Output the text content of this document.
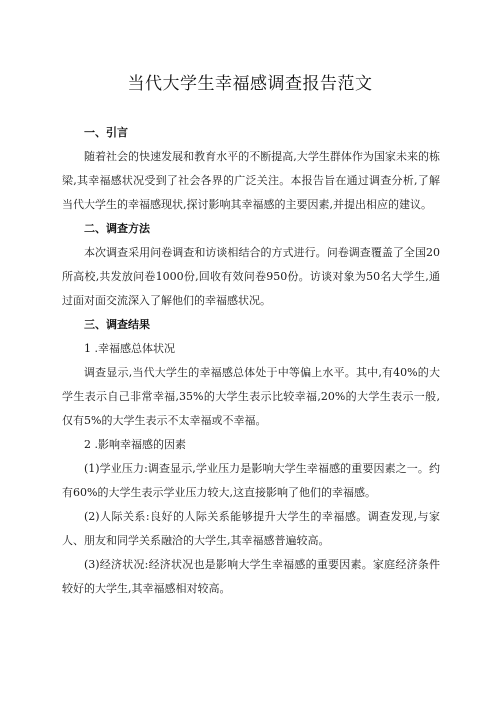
当代大学生幸福感调查报告范文

一、引言

随着社会的快速发展和教育水平的不断提高,大学生群体作为国家未来的栋梁,其幸福感状况受到了社会各界的广泛关注。本报告旨在通过调查分析,了解当代大学生的幸福感现状,探讨影响其幸福感的主要因素,并提出相应的建议。

二、调查方法

本次调查采用问卷调查和访谈相结合的方式进行。问卷调查覆盖了全国20所高校,共发放问卷1000份,回收有效问卷950份。访谈对象为50名大学生,通过面对面交流深入了解他们的幸福感状况。

三、调查结果

1 .幸福感总体状况

调查显示,当代大学生的幸福感总体处于中等偏上水平。其中,有40%的大学生表示自己非常幸福,35%的大学生表示比较幸福,20%的大学生表示一般,仅有5%的大学生表示不太幸福或不幸福。

2 .影响幸福感的因素

(1)学业压力:调查显示,学业压力是影响大学生幸福感的重要因素之一。约有60%的大学生表示学业压力较大,这直接影响了他们的幸福感。

(2)人际关系:良好的人际关系能够提升大学生的幸福感。调查发现,与家人、朋友和同学关系融洽的大学生,其幸福感普遍较高。

(3)经济状况:经济状况也是影响大学生幸福感的重要因素。家庭经济条件较好的大学生,其幸福感相对较高。
